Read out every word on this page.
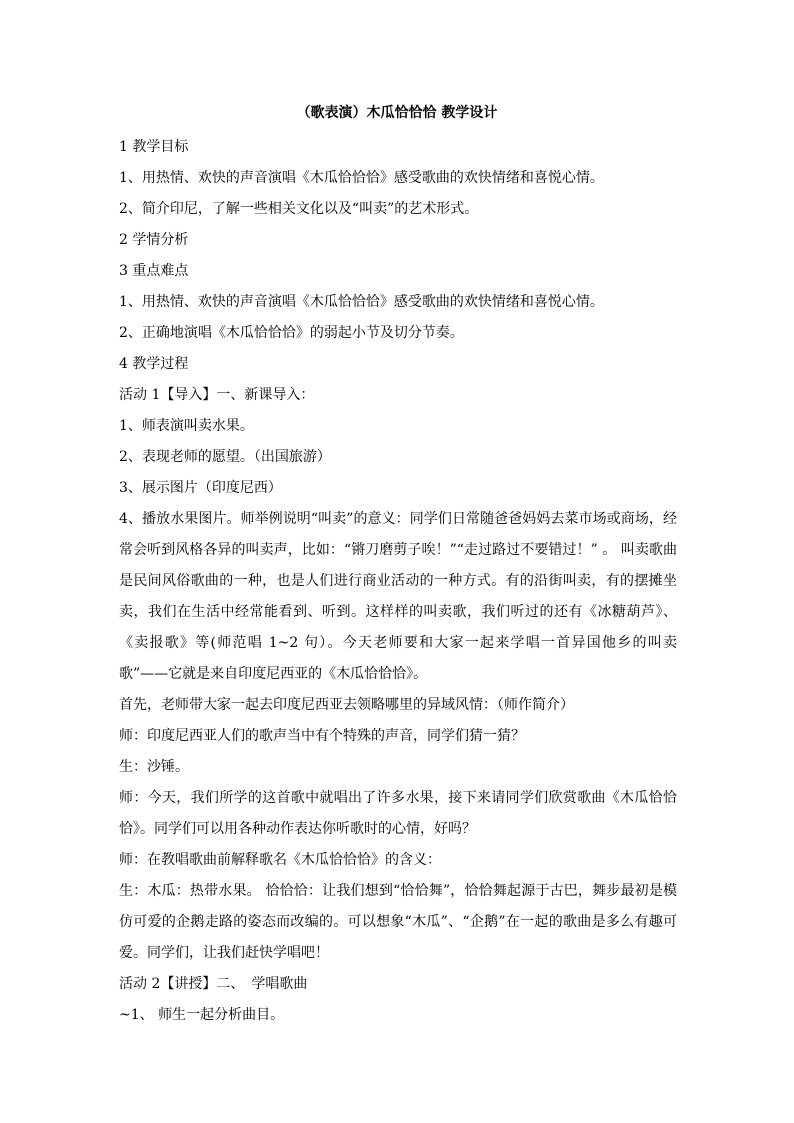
（歌表演）木瓜恰恰恰 教学设计

1 教学目标

1、用热情、欢快的声音演唱《木瓜恰恰恰》感受歌曲的欢快情绪和喜悦心情。

2、简介印尼，了解一些相关文化以及“叫卖”的艺术形式。

2 学情分析

3 重点难点

1、用热情、欢快的声音演唱《木瓜恰恰恰》感受歌曲的欢快情绪和喜悦心情。

2、正确地演唱《木瓜恰恰恰》的弱起小节及切分节奏。

4 教学过程

活动 1【导入】一、新课导入：

1、师表演叫卖水果。

2、表现老师的愿望。（出国旅游）

3、展示图片（印度尼西）

4、播放水果图片。师举例说明“叫卖”的意义：同学们日常随爸爸妈妈去菜市场或商场，经常会听到风格各异的叫卖声，比如：“锵刀磨剪子唉！”“走过路过不要错过！” 。 叫卖歌曲是民间风俗歌曲的一种，也是人们进行商业活动的一种方式。有的沿街叫卖，有的摆摊坐卖，我们在生活中经常能看到、听到。这样样的叫卖歌，我们听过的还有《冰糖葫芦》、《卖报歌》等(师范唱 1~2 句）。今天老师要和大家一起来学唱一首异国他乡的叫卖歌”——它就是来自印度尼西亚的《木瓜恰恰恰》。

首先，老师带大家一起去印度尼西亚去领略哪里的异域风情：（师作简介）

师：印度尼西亚人们的歌声当中有个特殊的声音，同学们猜一猜？

生：沙锤。

师：今天，我们所学的这首歌中就唱出了许多水果，接下来请同学们欣赏歌曲《木瓜恰恰恰》。同学们可以用各种动作表达你听歌时的心情，好吗？

师：在教唱歌曲前解释歌名《木瓜恰恰恰》的含义：

生：木瓜：热带水果。 恰恰恰：让我们想到“恰恰舞”，恰恰舞起源于古巴，舞步最初是模仿可爱的企鹅走路的姿态而改编的。可以想象“木瓜”、“企鹅”在一起的歌曲是多么有趣可爱。同学们，让我们赶快学唱吧！

活动 2【讲授】二、　学唱歌曲

~1、 师生一起分析曲目。
